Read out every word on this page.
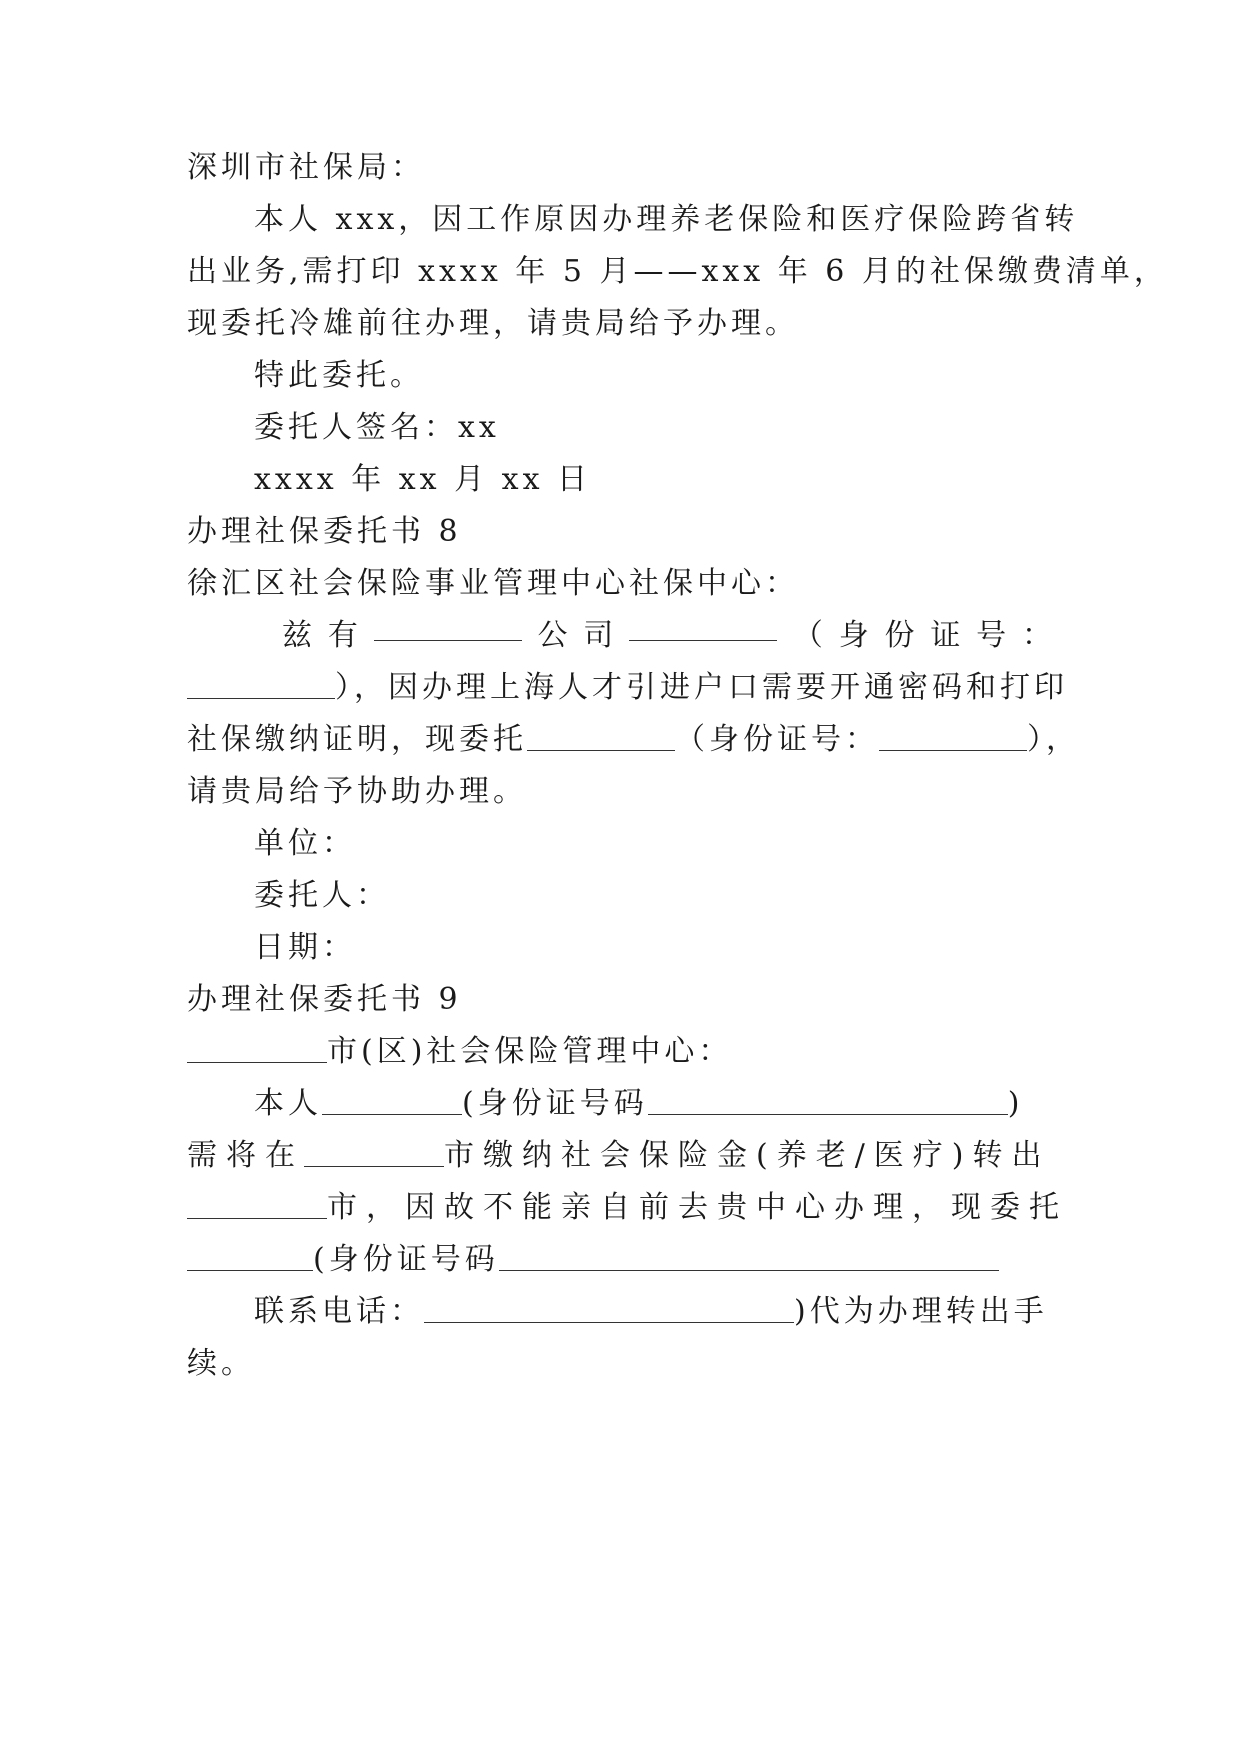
深圳市社保局：
本人 xxx，因工作原因办理养老保险和医疗保险跨省转
出业务,需打印 xxxx 年 5 月——xxx 年 6 月的社保缴费清单，
现委托冷雄前往办理，请贵局给予办理。
特此委托。
委托人签名：xx
xxxx 年 xx 月 xx 日
办理社保委托书 8
徐汇区社会保险事业管理中心社保中心：
兹 有	公 司	（ 身 份 证 号 ：
），因办理上海人才引进户口需要开通密码和打印
社保缴纳证明，现委托	（身份证号：	），
请贵局给予协助办理。
单位：
委托人：
日期：
办理社保委托书 9
市(区)社会保险管理中心：
本人	(身份证号码	)
需将在	市缴纳社会保险金(养老/医疗)转出
市，因故不能亲自前去贵中心办理，现委托
(身份证号码
联系电话：	)代为办理转出手
续。
